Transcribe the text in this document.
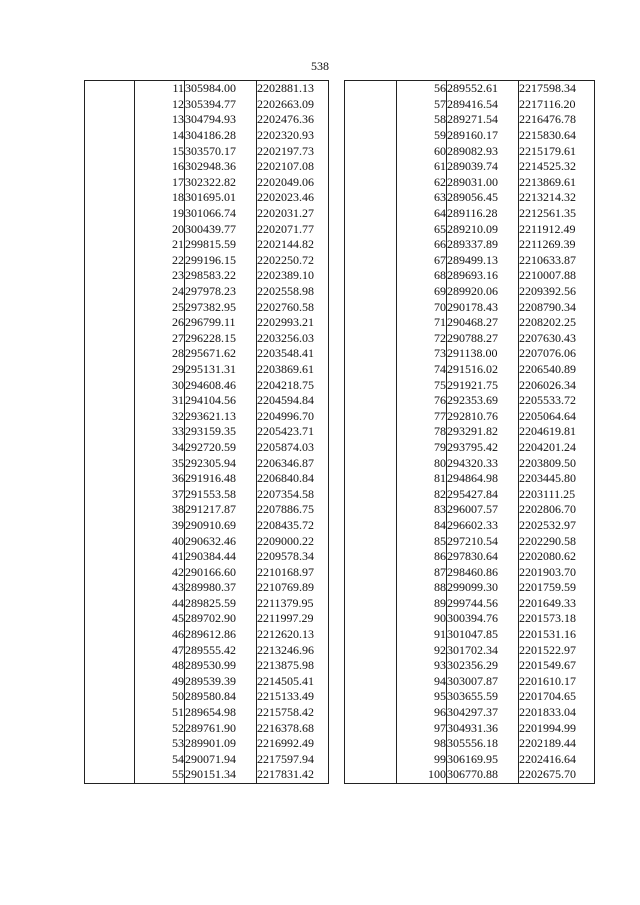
538
	11	305984.00	2202881.13
	12	305394.77	2202663.09
	13	304794.93	2202476.36
	14	304186.28	2202320.93
	15	303570.17	2202197.73
	16	302948.36	2202107.08
	17	302322.82	2202049.06
	18	301695.01	2202023.46
	19	301066.74	2202031.27
	20	300439.77	2202071.77
	21	299815.59	2202144.82
	22	299196.15	2202250.72
	23	298583.22	2202389.10
	24	297978.23	2202558.98
	25	297382.95	2202760.58
	26	296799.11	2202993.21
	27	296228.15	2203256.03
	28	295671.62	2203548.41
	29	295131.31	2203869.61
	30	294608.46	2204218.75
	31	294104.56	2204594.84
	32	293621.13	2204996.70
	33	293159.35	2205423.71
	34	292720.59	2205874.03
	35	292305.94	2206346.87
	36	291916.48	2206840.84
	37	291553.58	2207354.58
	38	291217.87	2207886.75
	39	290910.69	2208435.72
	40	290632.46	2209000.22
	41	290384.44	2209578.34
	42	290166.60	2210168.97
	43	289980.37	2210769.89
	44	289825.59	2211379.95
	45	289702.90	2211997.29
	46	289612.86	2212620.13
	47	289555.42	2213246.96
	48	289530.99	2213875.98
	49	289539.39	2214505.41
	50	289580.84	2215133.49
	51	289654.98	2215758.42
	52	289761.90	2216378.68
	53	289901.09	2216992.49
	54	290071.94	2217597.94
	55	290151.34	2217831.42
	56	289552.61	2217598.34
	57	289416.54	2217116.20
	58	289271.54	2216476.78
	59	289160.17	2215830.64
	60	289082.93	2215179.61
	61	289039.74	2214525.32
	62	289031.00	2213869.61
	63	289056.45	2213214.32
	64	289116.28	2212561.35
	65	289210.09	2211912.49
	66	289337.89	2211269.39
	67	289499.13	2210633.87
	68	289693.16	2210007.88
	69	289920.06	2209392.56
	70	290178.43	2208790.34
	71	290468.27	2208202.25
	72	290788.27	2207630.43
	73	291138.00	2207076.06
	74	291516.02	2206540.89
	75	291921.75	2206026.34
	76	292353.69	2205533.72
	77	292810.76	2205064.64
	78	293291.82	2204619.81
	79	293795.42	2204201.24
	80	294320.33	2203809.50
	81	294864.98	2203445.80
	82	295427.84	2203111.25
	83	296007.57	2202806.70
	84	296602.33	2202532.97
	85	297210.54	2202290.58
	86	297830.64	2202080.62
	87	298460.86	2201903.70
	88	299099.30	2201759.59
	89	299744.56	2201649.33
	90	300394.76	2201573.18
	91	301047.85	2201531.16
	92	301702.34	2201522.97
	93	302356.29	2201549.67
	94	303007.87	2201610.17
	95	303655.59	2201704.65
	96	304297.37	2201833.04
	97	304931.36	2201994.99
	98	305556.18	2202189.44
	99	306169.95	2202416.64
	100	306770.88	2202675.70
